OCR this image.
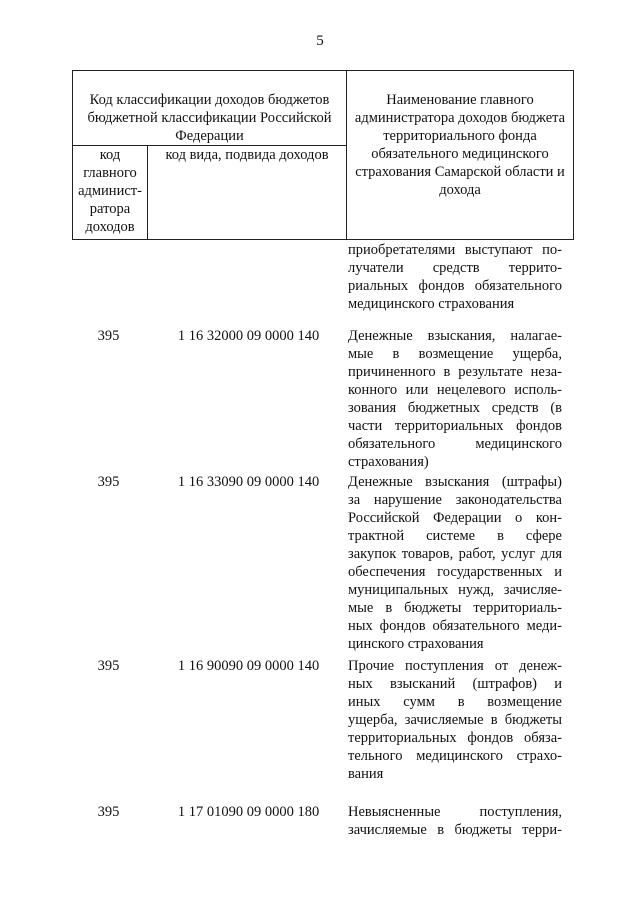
5
Код классификации доходов бюджетов бюджетной классификации Российской Федерации		Наименование главного администратора доходов бюджета территориального фонда обязательного медицинского страхования Самарской области и дохода
код главного админист-ратора доходов	код вида, подвида доходов	
приобретателями выступают по-
лучатели средств террито-
риальных фондов обязательного
медицинского страхования
395	1 16 32000 09 0000 140	Денежные взыскания, налагае-
мые в возмещение ущерба,
причиненного в результате неза-
конного или нецелевого исполь-
зования бюджетных средств (в
части территориальных фондов
обязательного медицинского
страхования)
395	1 16 33090 09 0000 140	Денежные взыскания (штрафы)
за нарушение законодательства
Российской Федерации о кон-
трактной системе в сфере
закупок товаров, работ, услуг для
обеспечения государственных и
муниципальных нужд, зачисляе-
мые в бюджеты территориаль-
ных фондов обязательного меди-
цинского страхования
395	1 16 90090 09 0000 140	Прочие поступления от денеж-
ных взысканий (штрафов) и
иных сумм в возмещение
ущерба, зачисляемые в бюджеты
территориальных фондов обяза-
тельного медицинского страхо-
вания
395	1 17 01090 09 0000 180	Невыясненные поступления,
зачисляемые в бюджеты терри-
